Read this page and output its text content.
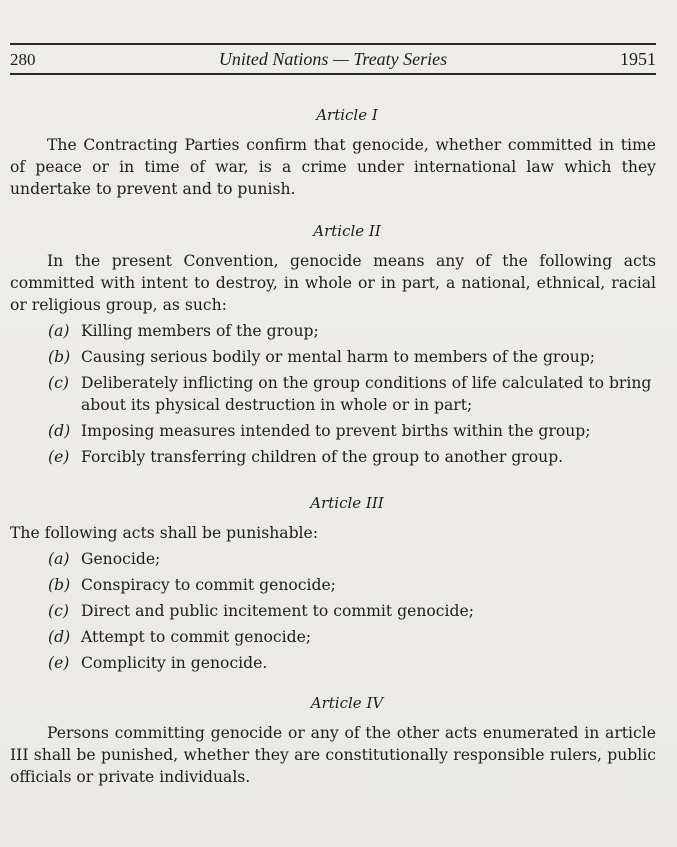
280	United Nations — Treaty Series	1951
Article I

The Contracting Parties confirm that genocide, whether committed in time of peace or in time of war, is a crime under international law which they undertake to prevent and to punish.

Article II

In the present Convention, genocide means any of the following acts committed with intent to destroy, in whole or in part, a national, ethnical, racial or religious group, as such:

(a) Killing members of the group;
(b) Causing serious bodily or mental harm to members of the group;
(c) Deliberately inflicting on the group conditions of life calculated to bring about its physical destruction in whole or in part;
(d) Imposing measures intended to prevent births within the group;
(e) Forcibly transferring children of the group to another group.
Article III

The following acts shall be punishable:

(a) Genocide;
(b) Conspiracy to commit genocide;
(c) Direct and public incitement to commit genocide;
(d) Attempt to commit genocide;
(e) Complicity in genocide.
Article IV

Persons committing genocide or any of the other acts enumerated in article III shall be punished, whether they are constitutionally responsible rulers, public officials or private individuals.
